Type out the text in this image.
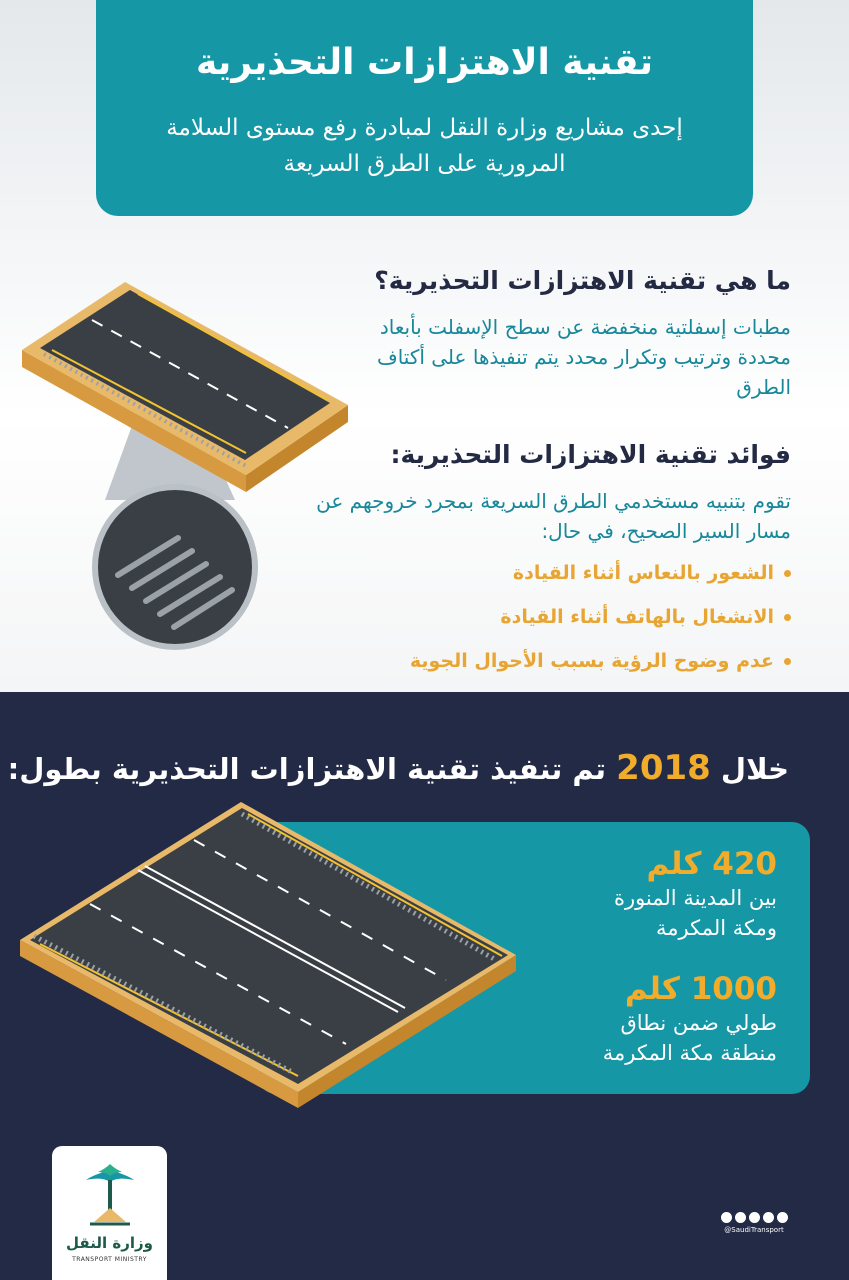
تقنية الاهتزازات التحذيرية
إحدى مشاريع وزارة النقل لمبادرة رفع مستوى السلامة المرورية على الطرق السريعة
ما هي تقنية الاهتزازات التحذيرية؟
مطبات إسفلتية منخفضة عن سطح الإسفلت بأبعاد محددة وترتيب وتكرار محدد يتم تنفيذها على أكتاف الطرق
فوائد تقنية الاهتزازات التحذيرية:
تقوم بتنبيه مستخدمي الطرق السريعة بمجرد خروجهم عن مسار السير الصحيح، في حال:
الشعور بالنعاس أثناء القيادة
الانشغال بالهاتف أثناء القيادة
عدم وضوح الرؤية بسبب الأحوال الجوية
خلال 2018 تم تنفيذ تقنية الاهتزازات التحذيرية بطول:
420 كلم
بين المدينة المنورة
ومكة المكرمة
1000 كلم
طولي ضمن نطاق
منطقة مكة المكرمة
وزارة النقل
TRANSPORT MINISTRY
@SaudiTransport
